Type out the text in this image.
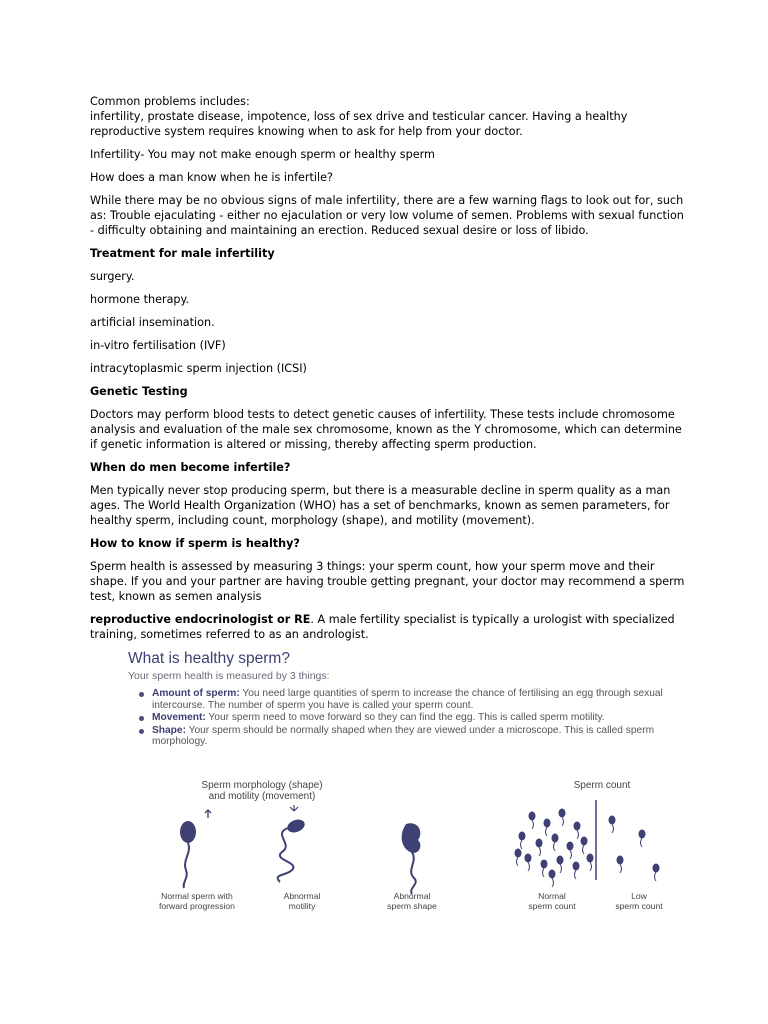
Common problems includes:

infertility, prostate disease, impotence, loss of sex drive and testicular cancer. Having a healthy reproductive system requires knowing when to ask for help from your doctor.

Infertility- You may not make enough sperm or healthy sperm

How does a man know when he is infertile?

While there may be no obvious signs of male infertility, there are a few warning flags to look out for, such as: Trouble ejaculating - either no ejaculation or very low volume of semen. Problems with sexual function - difficulty obtaining and maintaining an erection. Reduced sexual desire or loss of libido.

Treatment for male infertility

surgery.

hormone therapy.

artificial insemination.

in-vitro fertilisation (IVF)

intracytoplasmic sperm injection (ICSI)

Genetic Testing

Doctors may perform blood tests to detect genetic causes of infertility. These tests include chromosome analysis and evaluation of the male sex chromosome, known as the Y chromosome, which can determine if genetic information is altered or missing, thereby affecting sperm production.

When do men become infertile?

Men typically never stop producing sperm, but there is a measurable decline in sperm quality as a man ages. The World Health Organization (WHO) has a set of benchmarks, known as semen parameters, for healthy sperm, including count, morphology (shape), and motility (movement).

How to know if sperm is healthy?

Sperm health is assessed by measuring 3 things: your sperm count, how your sperm move and their shape. If you and your partner are having trouble getting pregnant, your doctor may recommend a sperm test, known as semen analysis

reproductive endocrinologist or RE. A male fertility specialist is typically a urologist with specialized training, sometimes referred to as an andrologist.

What is healthy sperm?
Your sperm health is measured by 3 things:
Amount of sperm: You need large quantities of sperm to increase the chance of fertilising an egg through sexual intercourse. The number of sperm you have is called your sperm count.
Movement: Your sperm need to move forward so they can find the egg. This is called sperm motility.
Shape: Your sperm should be normally shaped when they are viewed under a microscope. This is called sperm morphology.
Sperm morphology (shape)
and motility (movement)
Sperm count
Normal sperm with
forward progression
Abnormal
motility
Abnormal
sperm shape
Normal
sperm count
Low
sperm count
